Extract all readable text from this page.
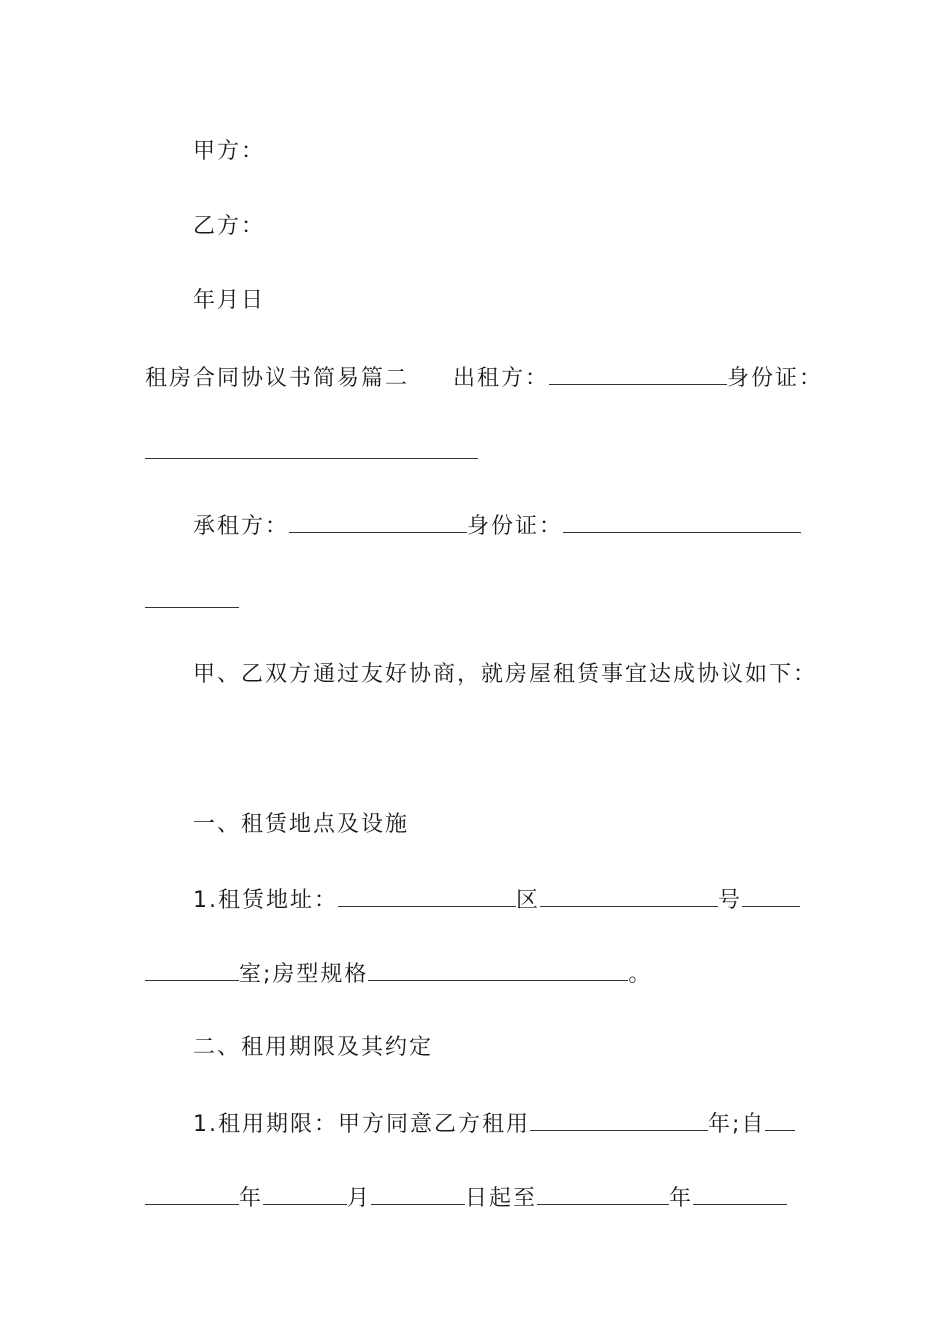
甲方：
乙方：
年月日
租房合同协议书简易篇二 出租方：	身份证：
承租方：	身份证：
甲、乙双方通过友好协商，就房屋租赁事宜达成协议如下：
一、租赁地点及设施
1.租赁地址：	区	号
室;房型规格	。
二、租用期限及其约定
1.租用期限：甲方同意乙方租用	年;自
年	月	日起至	年
